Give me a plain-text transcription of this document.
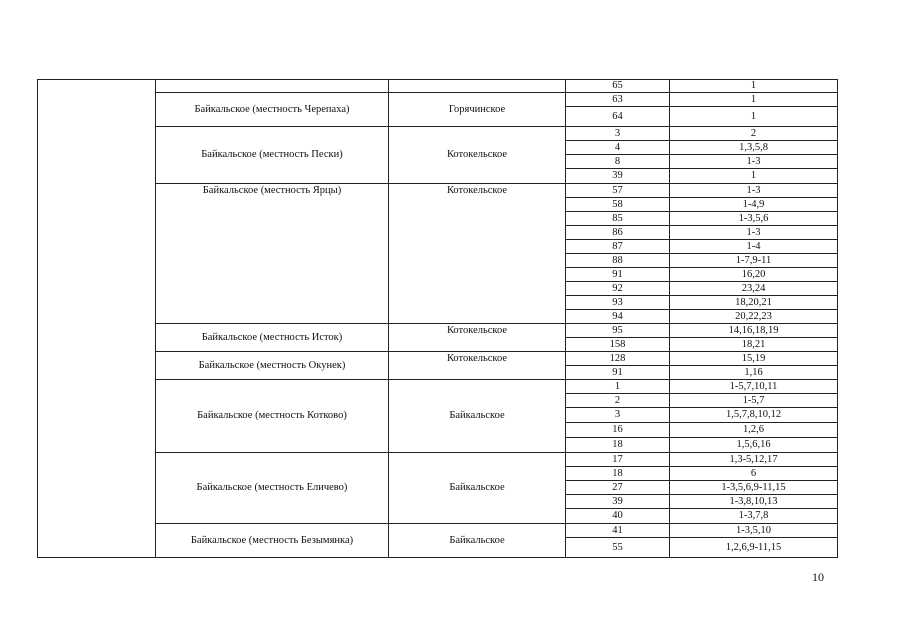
			65	1
	Байкальское (местность Черепаха)	Горячинское	63	1
			64	1
	Байкальское (местность Пески)	Котокельское	3	2
			4	1,3,5,8
			8	1-3
			39	1
	Байкальское (местность Ярцы)	Котокельское	57	1-3
			58	1-4,9
			85	1-3,5,6
			86	1-3
			87	1-4
			88	1-7,9-11
			91	16,20
			92	23,24
			93	18,20,21
			94	20,22,23
	Байкальское (местность Исток)	Котокельское	95	14,16,18,19
			158	18,21
	Байкальское (местность Окунек)	Котокельское	128	15,19
			91	1,16
	Байкальское (местность Котково)	Байкальское	1	1-5,7,10,11
			2	1-5,7
			3	1,5,7,8,10,12
			16	1,2,6
			18	1,5,6,16
	Байкальское (местность Еличево)	Байкальское	17	1,3-5,12,17
			18	6
			27	1-3,5,6,9-11,15
			39	1-3,8,10,13
			40	1-3,7,8
	Байкальское (местность Безымянка)	Байкальское	41	1-3,5,10
			55	1,2,6,9-11,15
10
